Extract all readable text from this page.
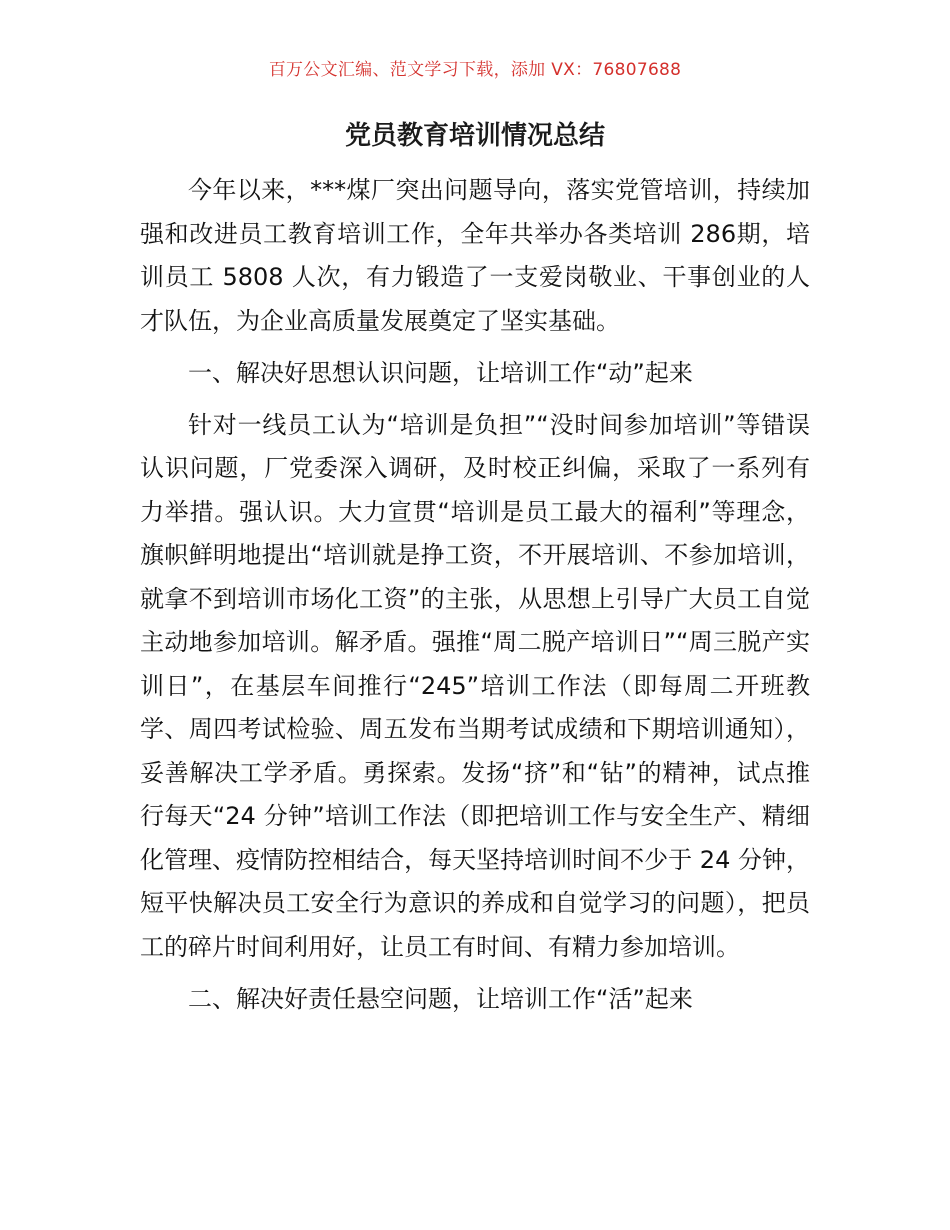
百万公文汇编、范文学习下载，添加 VX：76807688
党员教育培训情况总结

今年以来，***煤厂突出问题导向，落实党管培训，持续加强和改进员工教育培训工作，全年共举办各类培训 286期，培训员工 5808 人次，有力锻造了一支爱岗敬业、干事创业的人才队伍，为企业高质量发展奠定了坚实基础。

一、解决好思想认识问题，让培训工作“动”起来

针对一线员工认为“培训是负担”“没时间参加培训”等错误认识问题，厂党委深入调研，及时校正纠偏，采取了一系列有力举措。强认识。大力宣贯“培训是员工最大的福利”等理念，旗帜鲜明地提出“培训就是挣工资，不开展培训、不参加培训，就拿不到培训市场化工资”的主张，从思想上引导广大员工自觉主动地参加培训。解矛盾。强推“周二脱产培训日”“周三脱产实训日”，在基层车间推行“245”培训工作法（即每周二开班教学、周四考试检验、周五发布当期考试成绩和下期培训通知），妥善解决工学矛盾。勇探索。发扬“挤”和“钻”的精神，试点推行每天“24 分钟”培训工作法（即把培训工作与安全生产、精细化管理、疫情防控相结合，每天坚持培训时间不少于 24 分钟，短平快解决员工安全行为意识的养成和自觉学习的问题），把员工的碎片时间利用好，让员工有时间、有精力参加培训。

二、解决好责任悬空问题，让培训工作“活”起来
